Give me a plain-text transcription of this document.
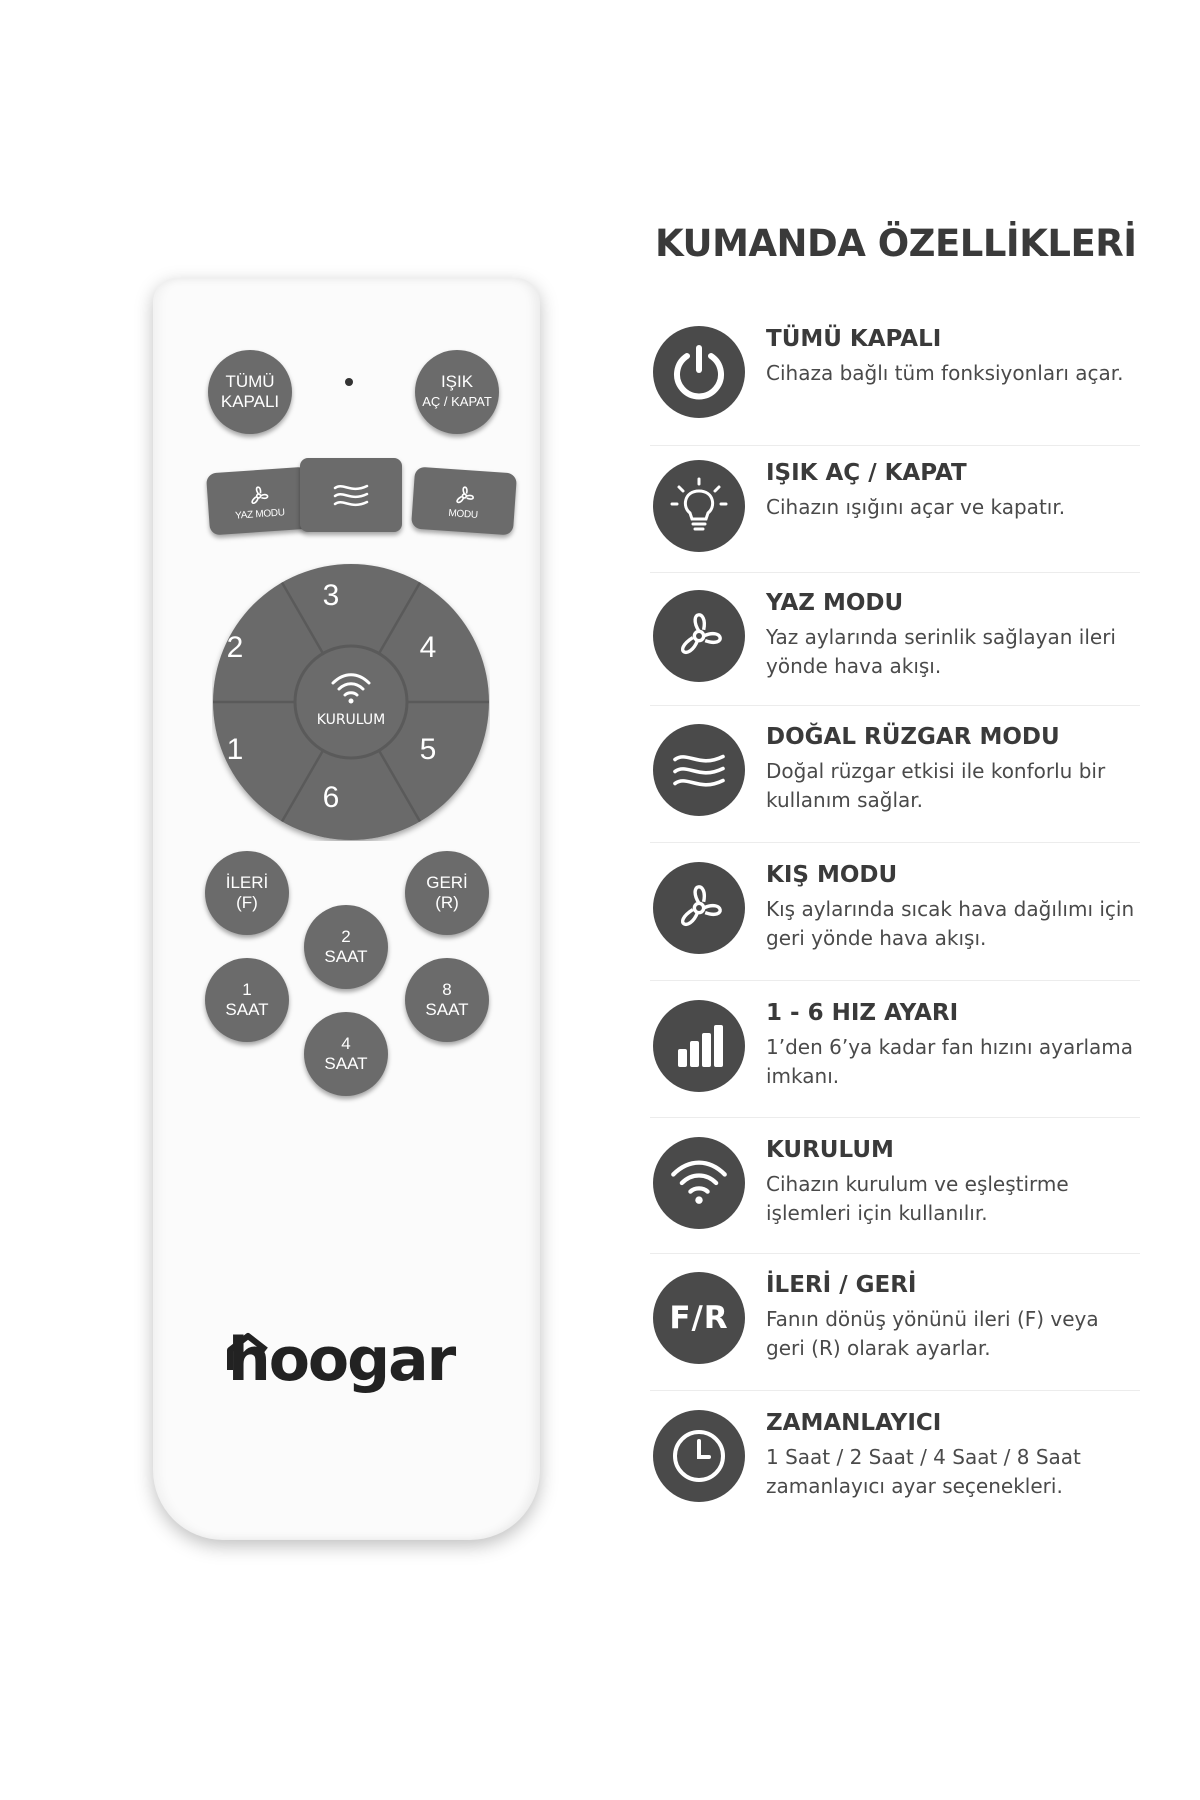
TÜMÜ
KAPALI
IŞIK
AÇ / KAPAT
YAZ MODU	MODU
3
4
5
6
1
2
KURULUM
İLERİ
(F)
GERİ
(R)
2
SAAT
1
SAAT
8
SAAT
4
SAAT
hoogar
KUMANDA ÖZELLİKLERİ
TÜMÜ KAPALI
Cihaza bağlı tüm fonksiyonları açar.
IŞIK AÇ / KAPAT
Cihazın ışığını açar ve kapatır.
YAZ MODU
Yaz aylarında serinlik sağlayan ileri yönde hava akışı.
DOĞAL RÜZGAR MODU
Doğal rüzgar etkisi ile konforlu bir kullanım sağlar.
KIŞ MODU
Kış aylarında sıcak hava dağılımı için geri yönde hava akışı.
1 - 6 HIZ AYARI
1’den 6’ya kadar fan hızını ayarlama imkanı.
KURULUM
Cihazın kurulum ve eşleştirme işlemleri için kullanılır.
F/R
İLERİ / GERİ
Fanın dönüş yönünü ileri (F) veya geri (R) olarak ayarlar.
ZAMANLAYICI
1 Saat / 2 Saat / 4 Saat / 8 Saat zamanlayıcı ayar seçenekleri.
